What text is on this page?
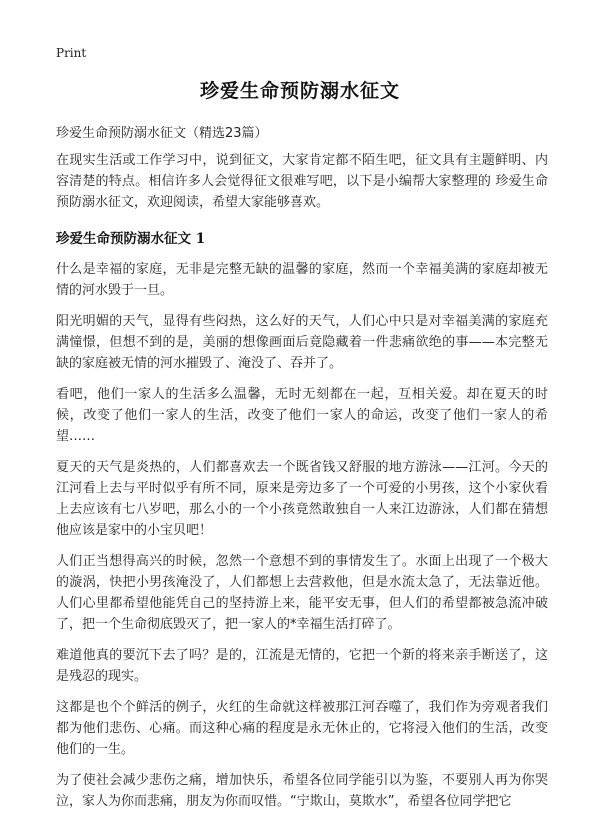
Print
珍爱生命预防溺水征文
珍爱生命预防溺水征文（精选23篇）

在现实生活或工作学习中，说到征文，大家肯定都不陌生吧，征文具有主题鲜明、内容清楚的特点。相信许多人会觉得征文很难写吧，以下是小编帮大家整理的 珍爱生命预防溺水征文，欢迎阅读，希望大家能够喜欢。

珍爱生命预防溺水征文 1

什么是幸福的家庭，无非是完整无缺的温馨的家庭，然而一个幸福美满的家庭却被无情的河水毁于一旦。

阳光明媚的天气，显得有些闷热，这么好的天气，人们心中只是对幸福美满的家庭充满憧憬，但想不到的是，美丽的想像画面后竟隐藏着一件悲痛欲绝的事——本完整无缺的家庭被无情的河水摧毁了、淹没了、吞并了。

看吧，他们一家人的生活多么温馨，无时无刻都在一起，互相关爱。却在夏天的时候，改变了他们一家人的生活，改变了他们一家人的命运，改变了他们一家人的希望……

夏天的天气是炎热的，人们都喜欢去一个既省钱又舒服的地方游泳——江河。今天的江河看上去与平时似乎有所不同，原来是旁边多了一个可爱的小男孩，这个小家伙看上去应该有七八岁吧，那么小的一个小孩竟然敢独自一人来江边游泳，人们都在猜想他应该是家中的小宝贝吧！

人们正当想得高兴的时候，忽然一个意想不到的事情发生了。水面上出现了一个极大的漩涡，快把小男孩淹没了，人们都想上去营救他，但是水流太急了，无法靠近他。人们心里都希望他能凭自己的坚持游上来，能平安无事，但人们的希望都被急流冲破了，把一个生命彻底毁灭了，把一家人的*幸福生活打碎了。

难道他真的要沉下去了吗？是的，江流是无情的，它把一个新的将来亲手断送了，这是残忍的现实。

这都是也个个鲜活的例子，火红的生命就这样被那江河吞噬了，我们作为旁观者我们都为他们悲伤、心痛。而这种心痛的程度是永无休止的，它将浸入他们的生活，改变他们的一生。

为了使社会减少悲伤之痛，增加快乐，希望各位同学能引以为鉴，不要别人再为你哭泣，家人为你而悲痛，朋友为你而叹惜。“宁欺山，莫欺水”，希望各位同学把它
